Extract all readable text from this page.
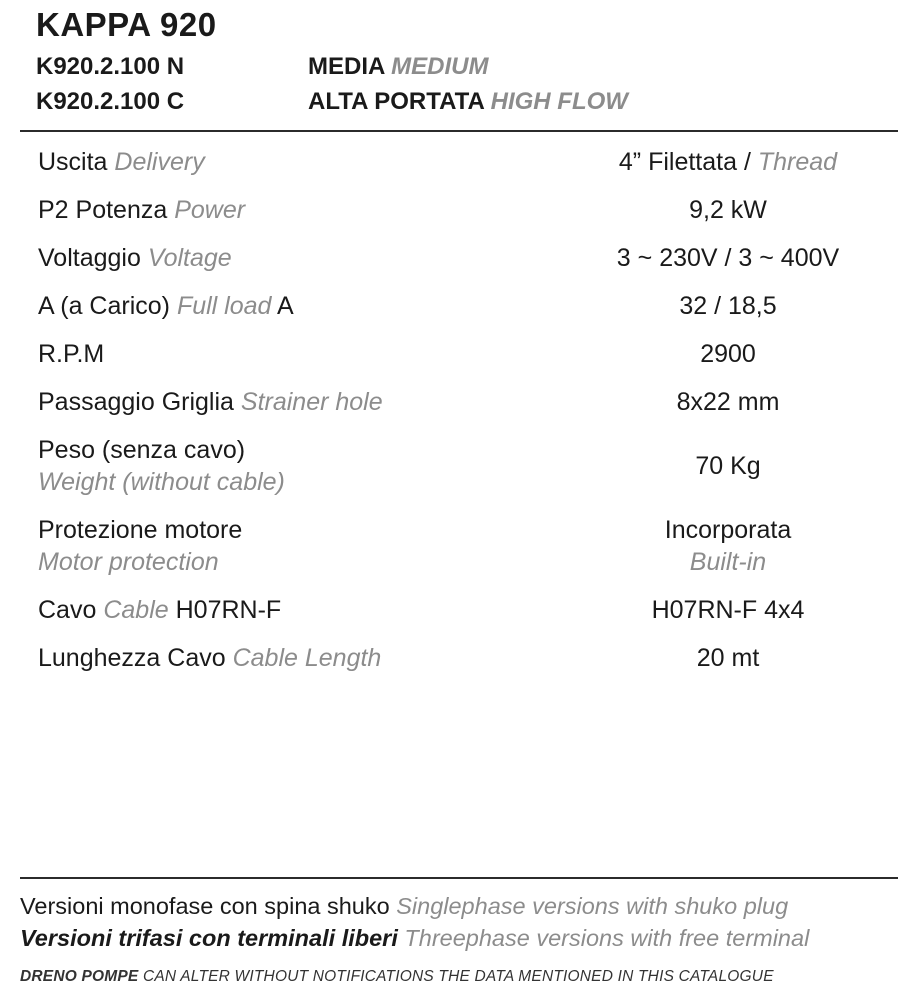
KAPPA 920
K920.2.100 N	MEDIA MEDIUM
K920.2.100 C	ALTA PORTATA HIGH FLOW
Uscita Delivery	4” Filettata / Thread
P2 Potenza Power	9,2 kW
Voltaggio Voltage	3 ~ 230V / 3 ~ 400V
A (a Carico) Full load A	32 / 18,5
R.P.M	2900
Passaggio Griglia Strainer hole	8x22 mm

Peso (senza cavo)
Weight (without cable)	70 Kg

Protezione motore
Motor protection	Incorporata
Built-in

Cavo Cable H07RN-F	H07RN-F 4x4
Lunghezza Cavo Cable Length	20 mt
Versioni monofase con spina shuko Singlephase versions with shuko plug
Versioni trifasi con terminali liberi Threephase versions with free terminal
DRENO POMPE CAN ALTER WITHOUT NOTIFICATIONS THE DATA MENTIONED IN THIS CATALOGUE
